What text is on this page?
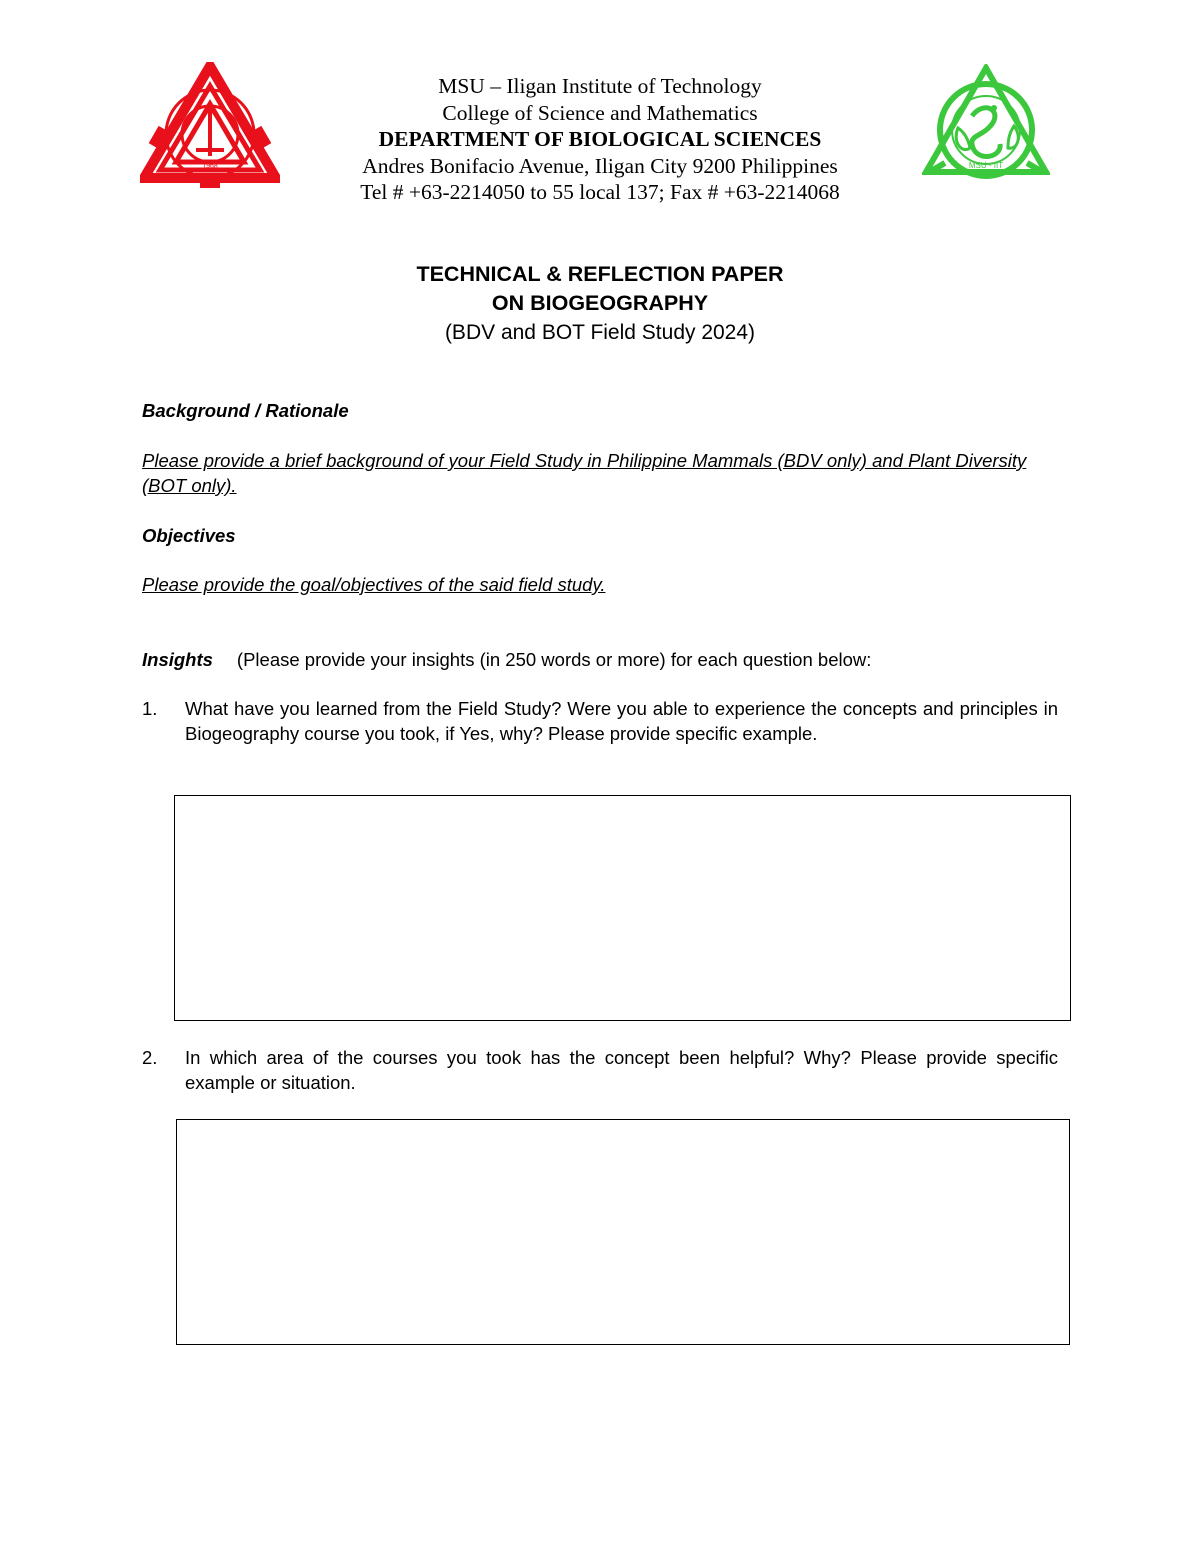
1968
MSU – Iligan Institute of Technology
College of Science and Mathematics
DEPARTMENT OF BIOLOGICAL SCIENCES
Andres Bonifacio Avenue, Iligan City 9200 Philippines
Tel # +63-2214050 to 55 local 137; Fax # +63-2214068
MSU - IIT
TECHNICAL & REFLECTION PAPER
ON BIOGEOGRAPHY
(BDV and BOT Field Study 2024)
Background / Rationale
Please provide a brief background of your Field Study in Philippine Mammals (BDV only) and Plant Diversity (BOT only).
Objectives
Please provide the goal/objectives of the said field study.
Insights (Please provide your insights (in 250 words or more) for each question below:
1. What have you learned from the Field Study? Were you able to experience the concepts and principles in Biogeography course you took, if Yes, why? Please provide specific example.
2. In which area of the courses you took has the concept been helpful? Why? Please provide specific example or situation.
